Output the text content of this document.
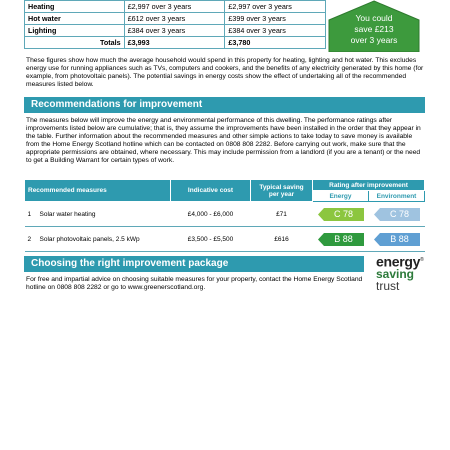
Heating	£2,997 over 3 years	£2,997 over 3 years
Hot water	£612 over 3 years	£399 over 3 years
Lighting	£384 over 3 years	£384 over 3 years
Totals	£3,993	£3,780
You could
save £213
over 3 years

These figures show how much the average household would spend in this property for heating, lighting and hot water. This excludes energy use for running appliances such as TVs, computers and cookers, and the benefits of any electricity generated by this home (for example, from photovoltaic panels). The potential savings in energy costs show the effect of undertaking all of the recommended measures listed below.

Recommendations for improvement

The measures below will improve the energy and environmental performance of this dwelling. The performance ratings after improvements listed below are cumulative; that is, they assume the improvements have been installed in the order that they appear in the table. Further information about the recommended measures and other simple actions to take today to save money is available from the Home Energy Scotland hotline which can be contacted on 0808 808 2282. Before carrying out work, make sure that the appropriate permissions are obtained, where necessary. This may include permission from a landlord (if you are a tenant) or the need to get a Building Warrant for certain types of work.

Recommended measures		Indicative cost	Typical saving per year	Rating after improvement	
				Energy	Environment
1	Solar water heating	£4,000 - £6,000	£71	C 78	C 78
2	Solar photovoltaic panels, 2.5 kWp	£3,500 - £5,500	£616	B 88	B 88
Choosing the right improvement package

For free and impartial advice on choosing suitable measures for your property, contact the Home Energy Scotland hotline on 0808 808 2282 or go to www.greenerscotland.org.

energy®
saving
trust
